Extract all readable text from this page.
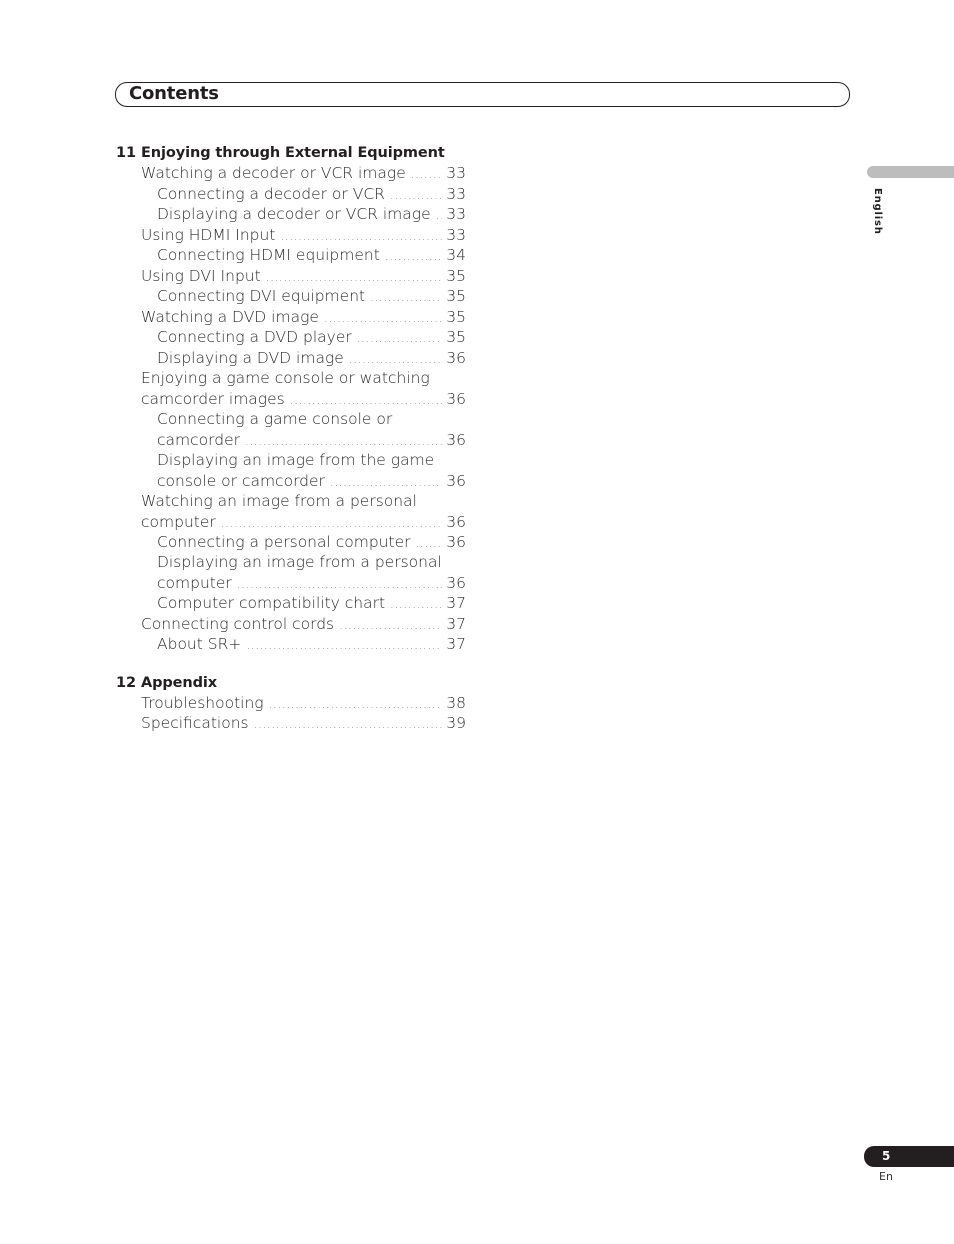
Contents
English
11 Enjoying through External Equipment
Watching a decoder or VCR image .....	33
Connecting a decoder or VCR .....	33
Displaying a decoder or VCR image ..... 33
Using HDMI Input .....	33
Connecting HDMI equipment .....	34
Using DVI Input .....	35
Connecting DVI equipment .....	35
Watching a DVD image .....	35
Connecting a DVD player .....	35
Displaying a DVD image .....	36
Enjoying a game console or watching
camcorder images .....	36
Connecting a game console or
camcorder .....	36
Displaying an image from the game
console or camcorder .....	36
Watching an image from a personal
computer .....	36
Connecting a personal computer ..... 36
Displaying an image from a personal
computer .....	36
Computer compatibility chart .....	37
Connecting control cords .....	37
About SR+ .....	37
12 Appendix
Troubleshooting .....	38
Specifications .....	39
5
En
